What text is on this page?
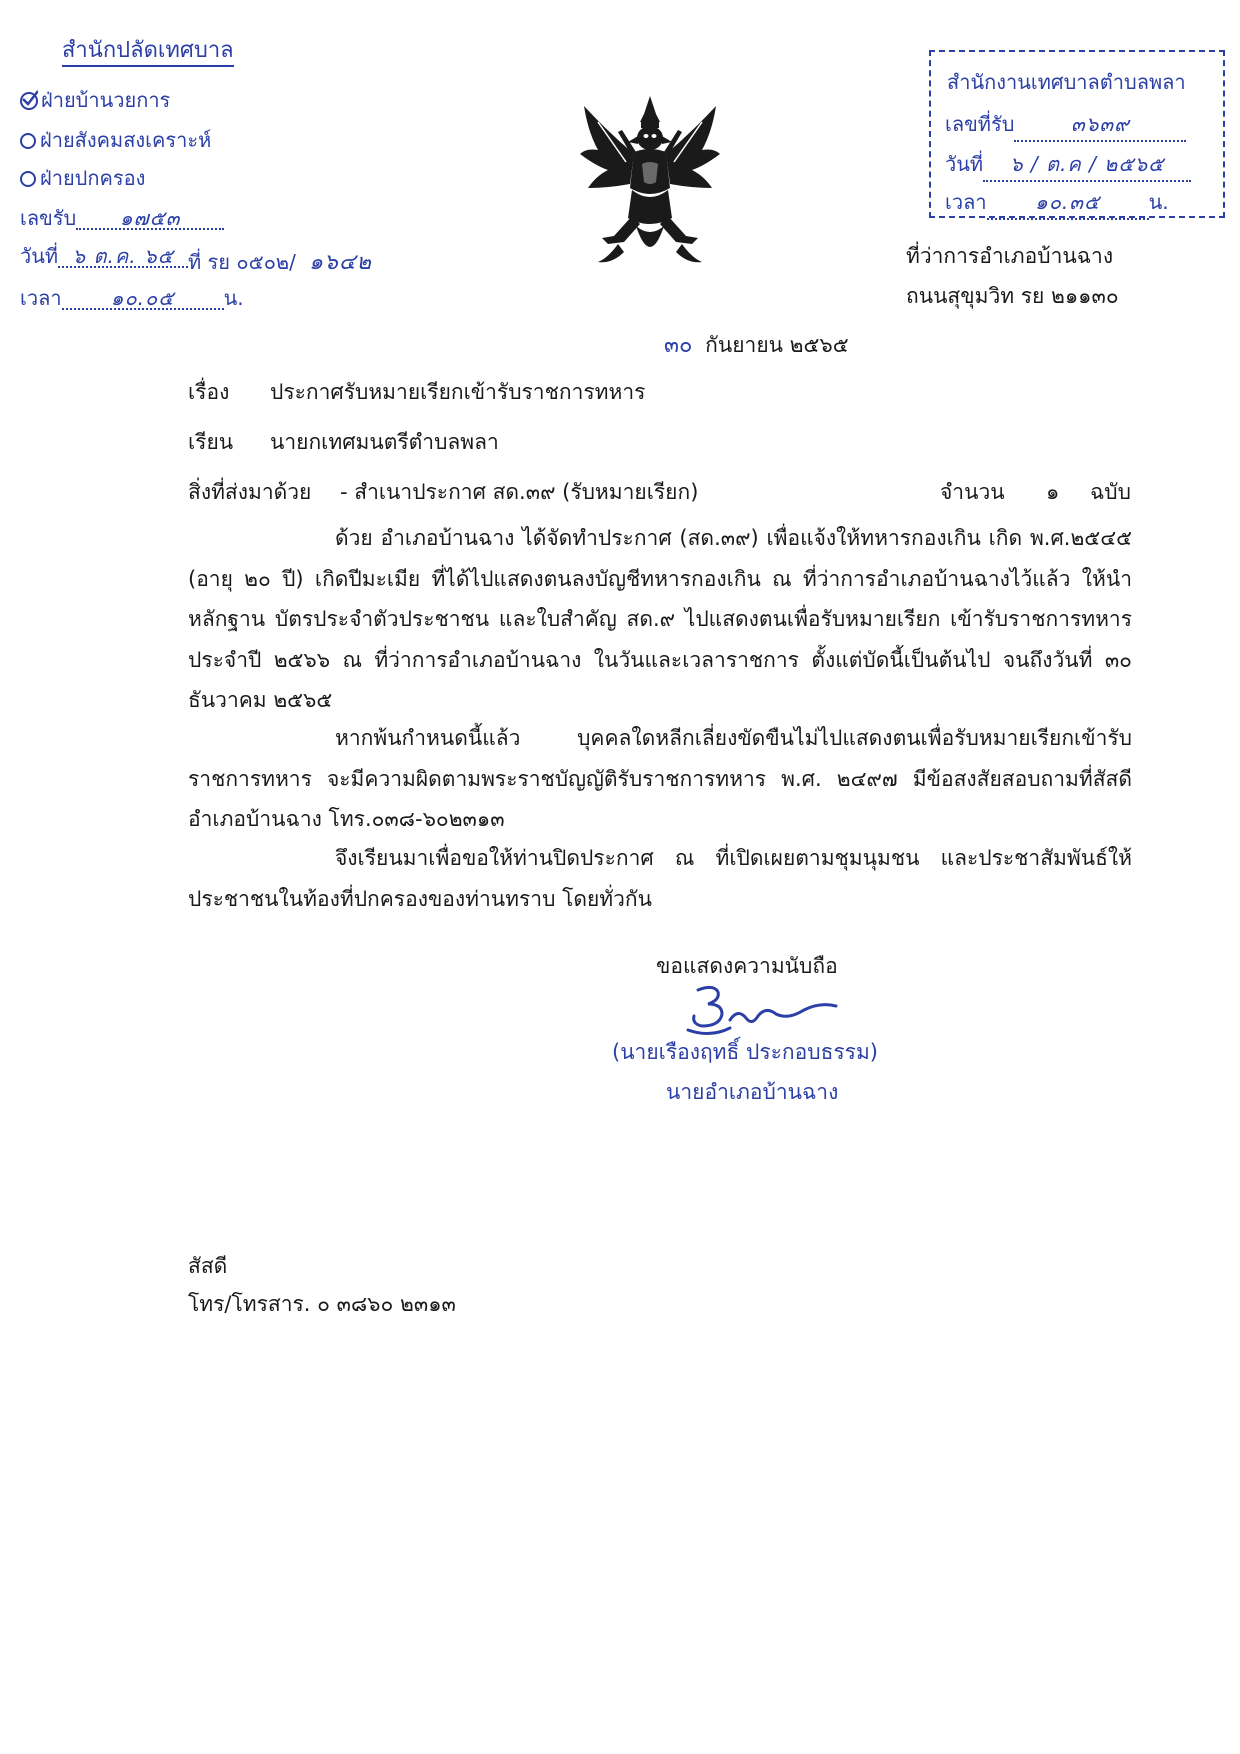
สำนักปลัดเทศบาล
ฝ่ายบ้านวยการ
ฝ่ายสังคมสงเคราะห์
ฝ่ายปกครอง
เลขรับ ๑๗๕๓
วันที่ ๖ ต.ค. ๖๕
เวลา ๑๐.๐๕ น.
ที่ รย ๐๕๐๒/ ๑๖๔๒
สำนักงานเทศบาลตำบลพลา
เลขที่รับ	๓๖๓๙
วันที่ ๖ / ต.ค / ๒๕๖๕
เวลา ๑๐.๓๕ น.
ที่ว่าการอำเภอบ้านฉาง
ถนนสุขุมวิท รย ๒๑๑๓๐
๓๐ กันยายน ๒๕๖๕
เรื่อง ประกาศรับหมายเรียกเข้ารับราชการทหาร
เรียน นายกเทศมนตรีตำบลพลา
สิ่งที่ส่งมาด้วย - สำเนาประกาศ สด.๓๙ (รับหมายเรียก)	จำนวน ๑ ฉบับ
ด้วย อำเภอบ้านฉาง ได้จัดทำประกาศ (สด.๓๙) เพื่อแจ้งให้ทหารกองเกิน เกิด พ.ศ.๒๕๔๕ (อายุ ๒๐ ปี) เกิดปีมะเมีย ที่ได้ไปแสดงตนลงบัญชีทหารกองเกิน ณ ที่ว่าการอำเภอบ้านฉางไว้แล้ว ให้นำหลักฐาน บัตรประจำตัวประชาชน และใบสำคัญ สด.๙ ไปแสดงตนเพื่อรับหมายเรียก เข้ารับราชการทหาร ประจำปี ๒๕๖๖ ณ ที่ว่าการอำเภอบ้านฉาง ในวันและเวลาราชการ ตั้งแต่บัดนี้เป็นต้นไป จนถึงวันที่ ๓๐ ธันวาคม ๒๕๖๕
หากพ้นกำหนดนี้แล้ว บุคคลใดหลีกเลี่ยงขัดขืนไม่ไปแสดงตนเพื่อรับหมายเรียกเข้ารับราชการทหาร จะมีความผิดตามพระราชบัญญัติรับราชการทหาร พ.ศ. ๒๔๙๗ มีข้อสงสัยสอบถามที่สัสดีอำเภอบ้านฉาง โทร.๐๓๘-๖๐๒๓๑๓
จึงเรียนมาเพื่อขอให้ท่านปิดประกาศ ณ ที่เปิดเผยตามชุมนุมชน และประชาสัมพันธ์ให้ประชาชนในท้องที่ปกครองของท่านทราบ โดยทั่วกัน
ขอแสดงความนับถือ
(นายเรืองฤทธิ์ ประกอบธรรม)
นายอำเภอบ้านฉาง
สัสดี
โทร/โทรสาร. ๐ ๓๘๖๐ ๒๓๑๓
